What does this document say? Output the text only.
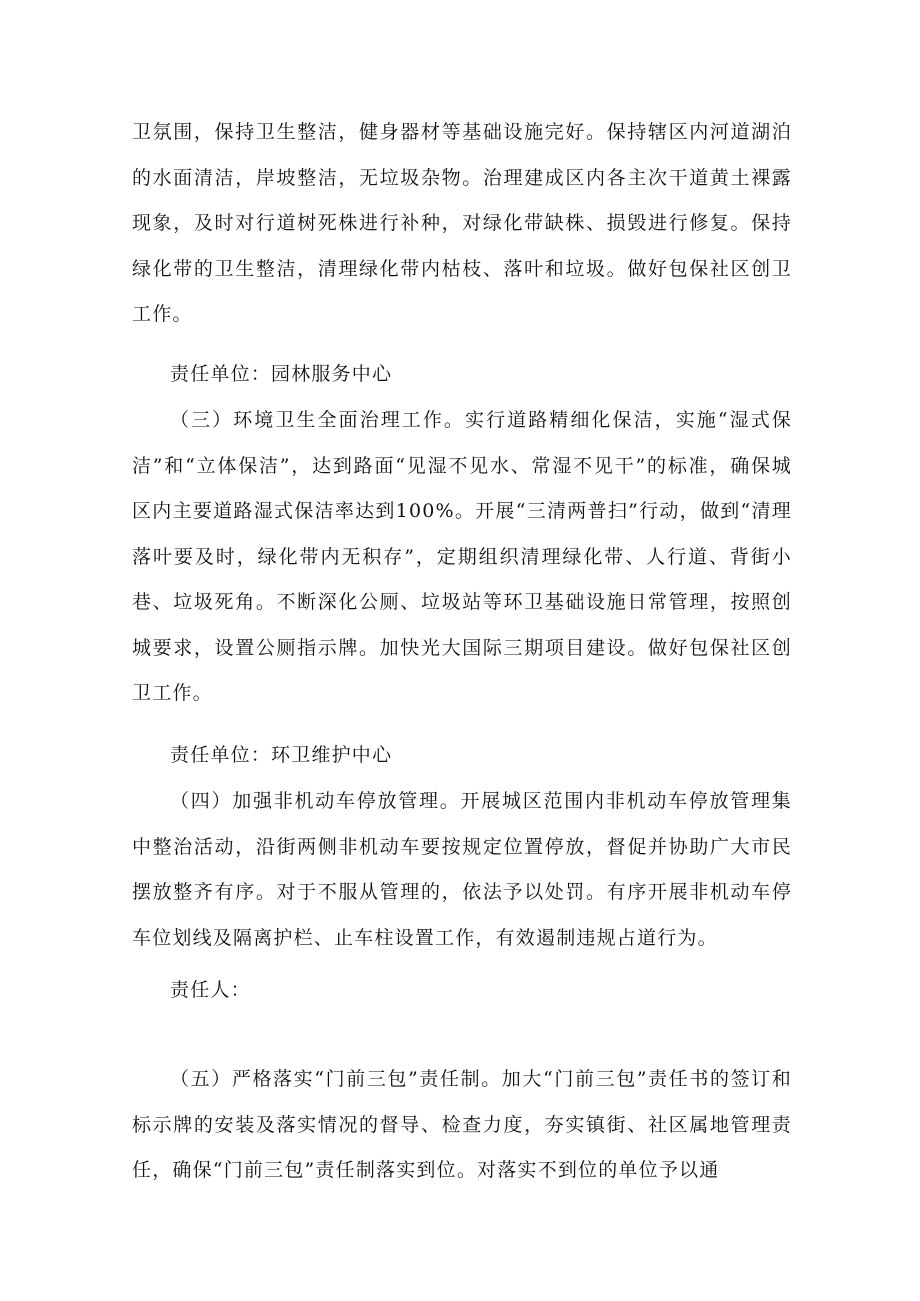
卫氛围，保持卫生整洁，健身器材等基础设施完好。保持辖区内河道湖泊的水面清洁，岸坡整洁，无垃圾杂物。治理建成区内各主次干道黄土裸露现象，及时对行道树死株进行补种，对绿化带缺株、损毁进行修复。保持绿化带的卫生整洁，清理绿化带内枯枝、落叶和垃圾。做好包保社区创卫工作。

责任单位：园林服务中心

（三）环境卫生全面治理工作。实行道路精细化保洁，实施“湿式保洁”和“立体保洁”，达到路面“见湿不见水、常湿不见干”的标准，确保城区内主要道路湿式保洁率达到100%。开展“三清两普扫”行动，做到“清理落叶要及时，绿化带内无积存”，定期组织清理绿化带、人行道、背街小巷、垃圾死角。不断深化公厕、垃圾站等环卫基础设施日常管理，按照创城要求，设置公厕指示牌。加快光大国际三期项目建设。做好包保社区创卫工作。

责任单位：环卫维护中心

（四）加强非机动车停放管理。开展城区范围内非机动车停放管理集中整治活动，沿街两侧非机动车要按规定位置停放，督促并协助广大市民摆放整齐有序。对于不服从管理的，依法予以处罚。有序开展非机动车停车位划线及隔离护栏、止车柱设置工作，有效遏制违规占道行为。

责任人：

（五）严格落实“门前三包”责任制。加大“门前三包”责任书的签订和标示牌的安装及落实情况的督导、检查力度，夯实镇街、社区属地管理责任，确保“门前三包”责任制落实到位。对落实不到位的单位予以通
